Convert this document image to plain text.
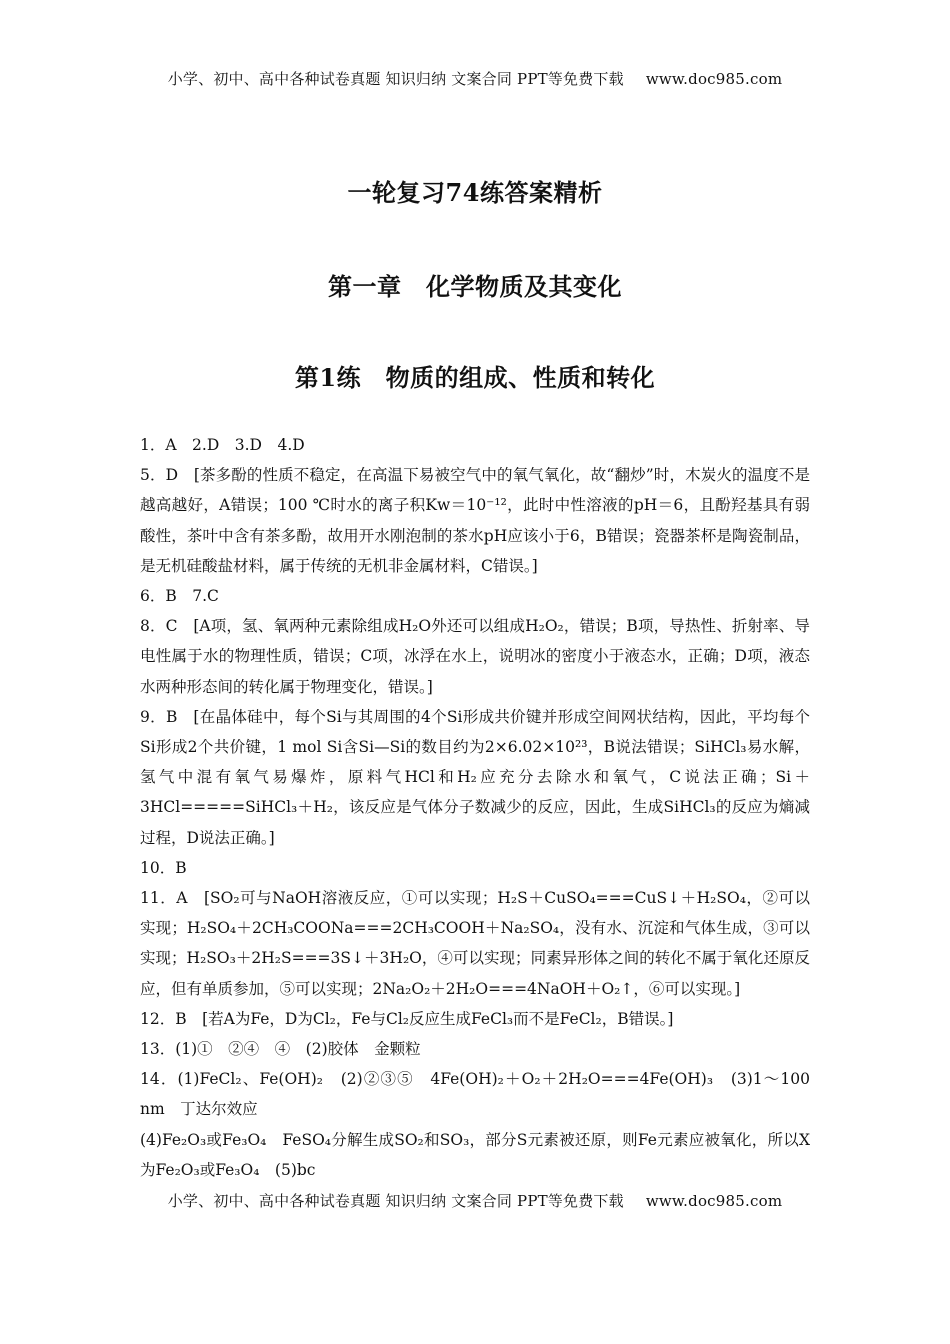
小学、初中、高中各种试卷真题 知识归纳 文案合同 PPT等免费下载 www.doc985.com
一轮复习74练答案精析
第一章　化学物质及其变化
第1练　物质的组成、性质和转化

1．A　2.D　3.D　4.D

5．D　[茶多酚的性质不稳定，在高温下易被空气中的氧气氧化，故“翻炒”时，木炭火的温度不是越高越好，A错误；100 ℃时水的离子积Kw＝10⁻¹²，此时中性溶液的pH＝6，且酚羟基具有弱酸性，茶叶中含有茶多酚，故用开水刚泡制的茶水pH应该小于6，B错误；瓷器茶杯是陶瓷制品，是无机硅酸盐材料，属于传统的无机非金属材料，C错误。]

6．B　7.C

8．C　[A项，氢、氧两种元素除组成H₂O外还可以组成H₂O₂，错误；B项，导热性、折射率、导电性属于水的物理性质，错误；C项，冰浮在水上，说明冰的密度小于液态水，正确；D项，液态水两种形态间的转化属于物理变化，错误。]

9．B　[在晶体硅中，每个Si与其周围的4个Si形成共价键并形成空间网状结构，因此，平均每个Si形成2个共价键，1 mol Si含Si—Si的数目约为2×6.02×10²³，B说法错误；SiHCl₃易水解，氢气中混有氧气易爆炸，原料气HCl和H₂应充分去除水和氧气，C说法正确；Si＋3HCl=====SiHCl₃＋H₂，该反应是气体分子数减少的反应，因此，生成SiHCl₃的反应为熵减过程，D说法正确。]

10．B

11．A　[SO₂可与NaOH溶液反应，①可以实现；H₂S＋CuSO₄===CuS↓＋H₂SO₄，②可以实现；H₂SO₄＋2CH₃COONa===2CH₃COOH＋Na₂SO₄，没有水、沉淀和气体生成，③可以实现；H₂SO₃＋2H₂S===3S↓＋3H₂O，④可以实现；同素异形体之间的转化不属于氧化还原反应，但有单质参加，⑤可以实现；2Na₂O₂＋2H₂O===4NaOH＋O₂↑，⑥可以实现。]

12．B　[若A为Fe，D为Cl₂，Fe与Cl₂反应生成FeCl₃而不是FeCl₂，B错误。]

13．(1)①　②④　④　(2)胶体　金颗粒

14．(1)FeCl₂、Fe(OH)₂　(2)②③⑤　4Fe(OH)₂＋O₂＋2H₂O===4Fe(OH)₃　(3)1～100 nm　丁达尔效应

(4)Fe₂O₃或Fe₃O₄　FeSO₄分解生成SO₂和SO₃，部分S元素被还原，则Fe元素应被氧化，所以X为Fe₂O₃或Fe₃O₄　(5)bc

小学、初中、高中各种试卷真题 知识归纳 文案合同 PPT等免费下载 www.doc985.com
